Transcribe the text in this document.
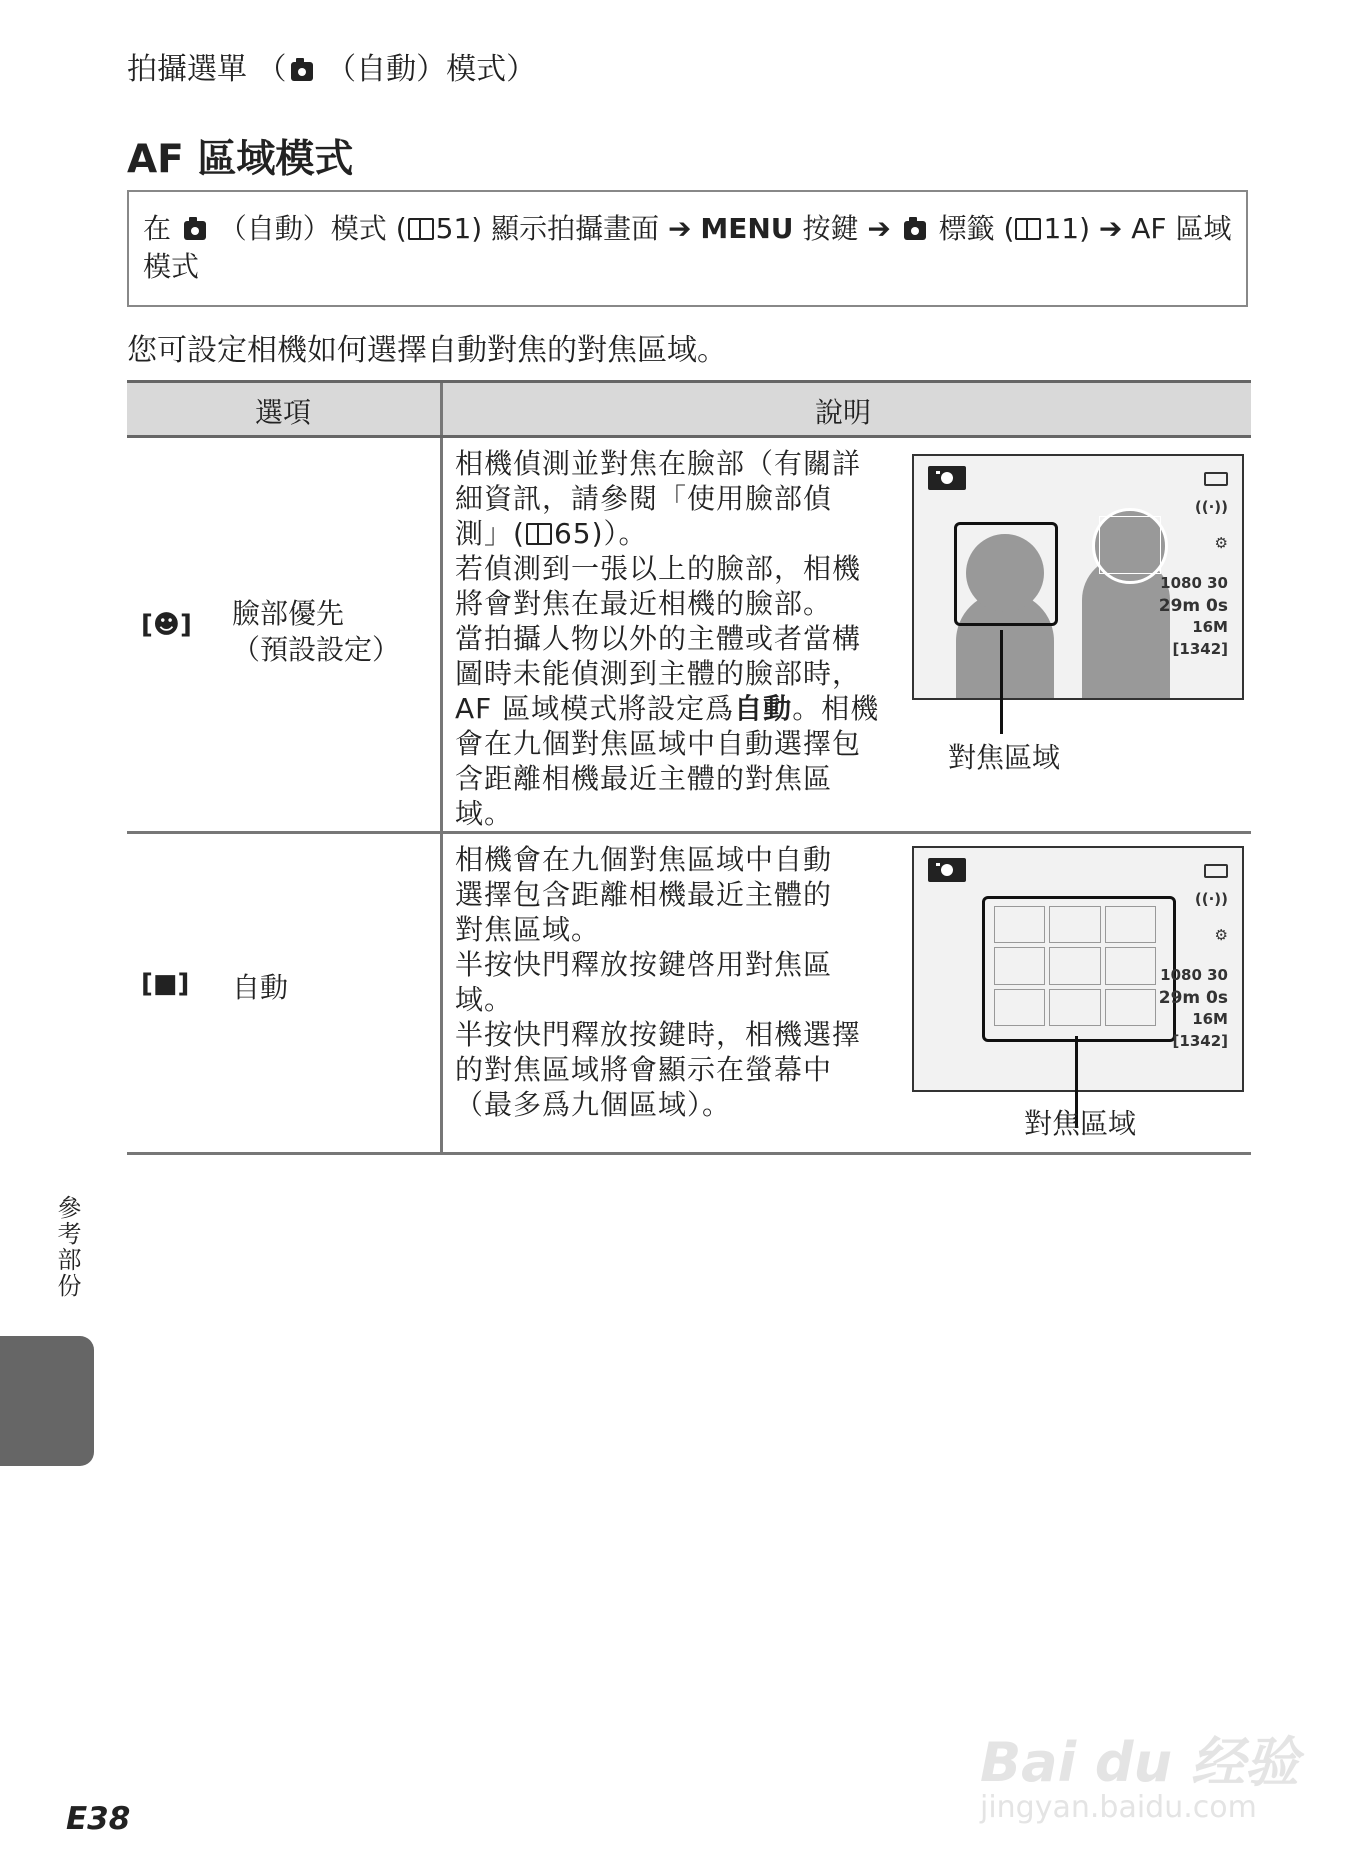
拍攝選單 （ （自動）模式）
AF 區域模式
在  （自動）模式 ( 51) 顯示拍攝畫面 ➔ MENU 按鍵 ➔  標籤 ( 11) ➔ AF 區域模式

您可設定相機如何選擇自動對焦的對焦區域。

選項	說明
[☻] 臉部優先
（預設設定）
相機偵測並對焦在臉部（有關詳
細資訊，請參閱「使用臉部偵
測」( 65)）。
若偵測到一張以上的臉部，相機
將會對焦在最近相機的臉部。
當拍攝人物以外的主體或者當構
圖時未能偵測到主體的臉部時，
AF 區域模式將設定爲自動。相機
會在九個對焦區域中自動選擇包
含距離相機最近主體的對焦區
域。
((·))
⚙
1080 30
29m 0s
16M
[1342]
對焦區域
[■] 自動
相機會在九個對焦區域中自動
選擇包含距離相機最近主體的
對焦區域。
半按快門釋放按鍵啓用對焦區
域。
半按快門釋放按鍵時，相機選擇
的對焦區域將會顯示在螢幕中
（最多爲九個區域）。
((·))
⚙
1080 30
29m 0s
16M
[1342]
對焦區域
參考部份
E38
Bai du 经验
jingyan.baidu.com
